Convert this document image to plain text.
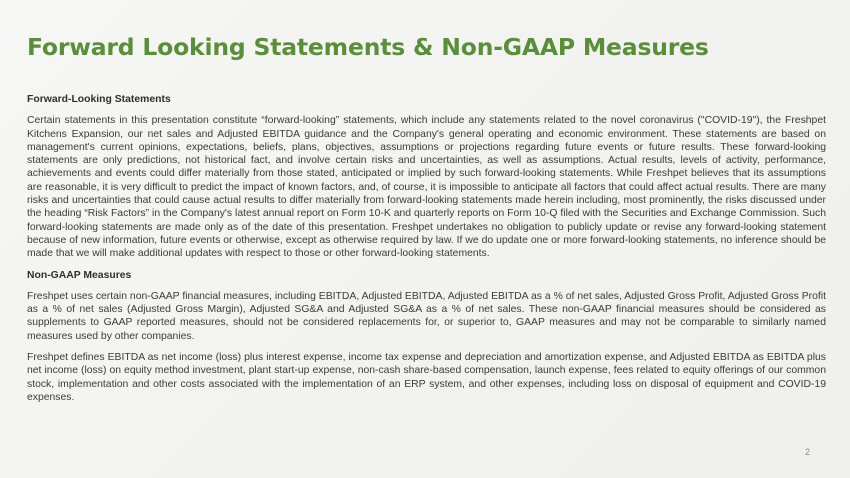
Forward Looking Statements & Non-GAAP Measures

Forward-Looking Statements

Certain statements in this presentation constitute “forward-looking” statements, which include any statements related to the novel coronavirus ("COVID-19"), the Freshpet Kitchens Expansion, our net sales and Adjusted EBITDA guidance and the Company's general operating and economic environment. These statements are based on management's current opinions, expectations, beliefs, plans, objectives, assumptions or projections regarding future events or future results. These forward-looking statements are only predictions, not historical fact, and involve certain risks and uncertainties, as well as assumptions. Actual results, levels of activity, performance, achievements and events could differ materially from those stated, anticipated or implied by such forward-looking statements. While Freshpet believes that its assumptions are reasonable, it is very difficult to predict the impact of known factors, and, of course, it is impossible to anticipate all factors that could affect actual results. There are many risks and uncertainties that could cause actual results to differ materially from forward-looking statements made herein including, most prominently, the risks discussed under the heading “Risk Factors” in the Company's latest annual report on Form 10-K and quarterly reports on Form 10-Q filed with the Securities and Exchange Commission. Such forward-looking statements are made only as of the date of this presentation. Freshpet undertakes no obligation to publicly update or revise any forward-looking statement because of new information, future events or otherwise, except as otherwise required by law. If we do update one or more forward-looking statements, no inference should be made that we will make additional updates with respect to those or other forward-looking statements.

Non-GAAP Measures

Freshpet uses certain non-GAAP financial measures, including EBITDA, Adjusted EBITDA, Adjusted EBITDA as a % of net sales, Adjusted Gross Profit, Adjusted Gross Profit as a % of net sales (Adjusted Gross Margin), Adjusted SG&A and Adjusted SG&A as a % of net sales. These non-GAAP financial measures should be considered as supplements to GAAP reported measures, should not be considered replacements for, or superior to, GAAP measures and may not be comparable to similarly named measures used by other companies.

Freshpet defines EBITDA as net income (loss) plus interest expense, income tax expense and depreciation and amortization expense, and Adjusted EBITDA as EBITDA plus net income (loss) on equity method investment, plant start-up expense, non-cash share-based compensation, launch expense, fees related to equity offerings of our common stock, implementation and other costs associated with the implementation of an ERP system, and other expenses, including loss on disposal of equipment and COVID-19 expenses.

2
